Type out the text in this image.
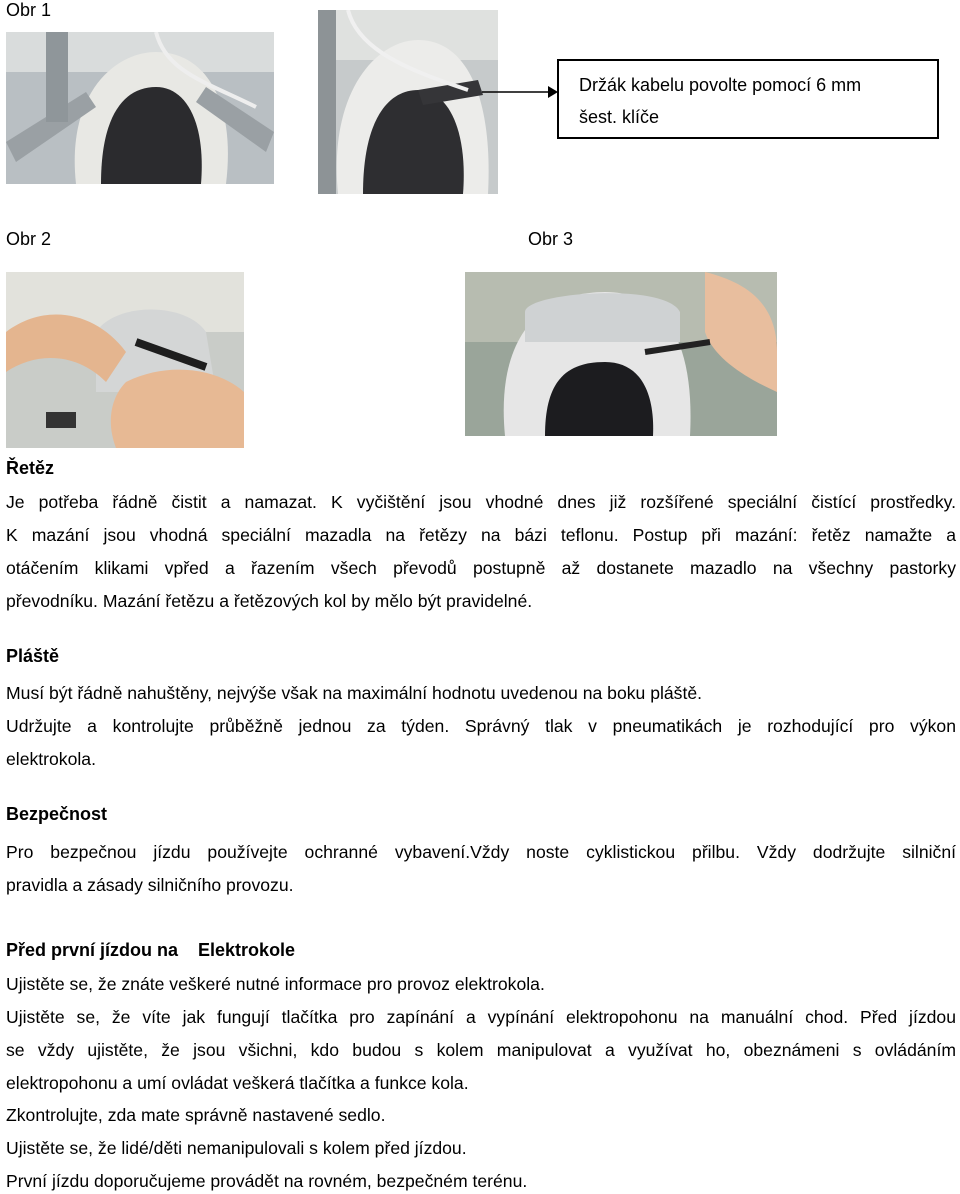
Obr 1
Obr 2	Obr 3

Držák kabelu povolte pomocí 6 mm

šest. klíče

Řetěz
Je potřeba řádně čistit a namazat. K vyčištění jsou vhodné dnes již rozšířené speciální čistící prostředky.
K mazání jsou vhodná speciální mazadla na řetězy na bázi teflonu. Postup při mazání: řetěz namažte a
otáčením klikami vpřed a řazením všech převodů postupně až dostanete mazadlo na všechny pastorky
převodníku. Mazání řetězu a řetězových kol by mělo být pravidelné.
Pláště
Musí být řádně nahuštěny, nejvýše však na maximální hodnotu uvedenou na boku pláště.
Udržujte a kontrolujte průběžně jednou za týden. Správný tlak v pneumatikách je rozhodující pro výkon
elektrokola.
Bezpečnost
Pro bezpečnou jízdu používejte ochranné vybavení.Vždy noste cyklistickou přilbu. Vždy dodržujte silniční
pravidla a zásady silničního provozu.
Před první jízdou na Elektrokole
Ujistěte se, že znáte veškeré nutné informace pro provoz elektrokola.
Ujistěte se, že víte jak fungují tlačítka pro zapínání a vypínání elektropohonu na manuální chod. Před jízdou
se vždy ujistěte, že jsou všichni, kdo budou s kolem manipulovat a využívat ho, obeznámeni s ovládáním
elektropohonu a umí ovládat veškerá tlačítka a funkce kola.
Zkontrolujte, zda mate správně nastavené sedlo.
Ujistěte se, že lidé/děti nemanipulovali s kolem před jízdou.
První jízdu doporučujeme provádět na rovném, bezpečném terénu.
